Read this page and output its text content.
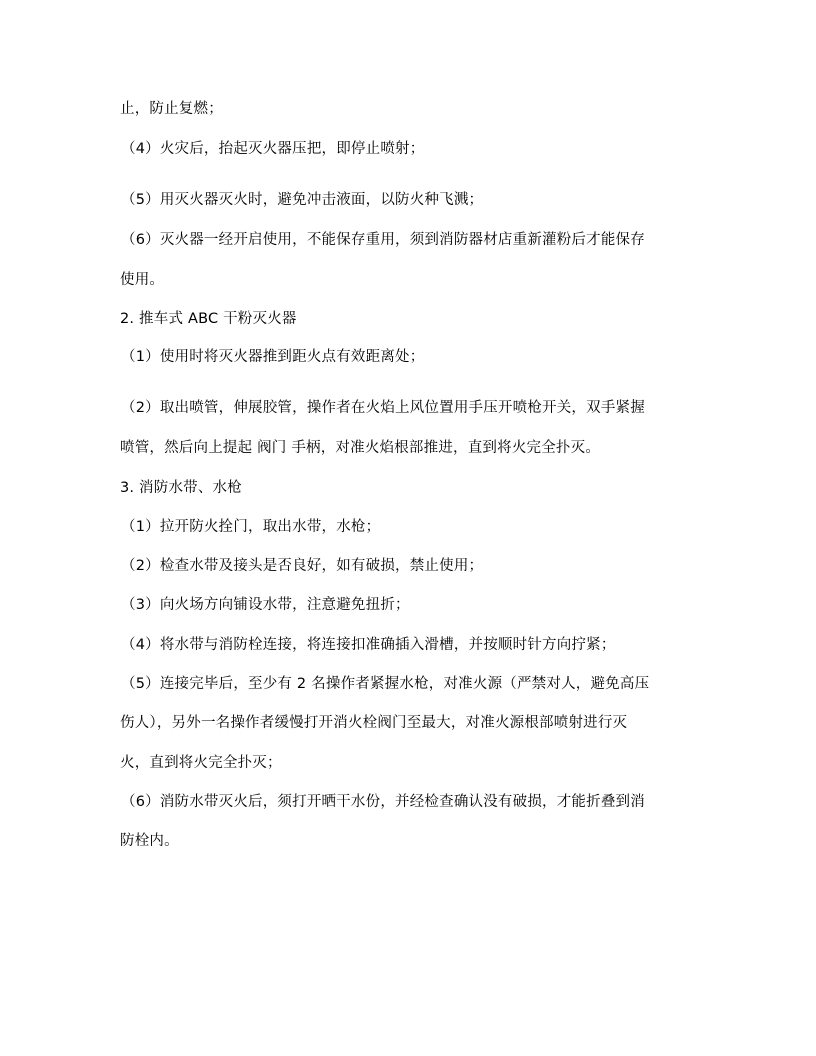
止，防止复燃；
（4）火灾后，抬起灭火器压把，即停止喷射；
（5）用灭火器灭火时，避免冲击液面，以防火种飞溅；
（6）灭火器一经开启使用，不能保存重用，须到消防器材店重新灌粉后才能保存
使用。
2. 推车式 ABC 干粉灭火器
（1）使用时将灭火器推到距火点有效距离处；
（2）取出喷管，伸展胶管，操作者在火焰上风位置用手压开喷枪开关，双手紧握
喷管，然后向上提起 阀门 手柄，对准火焰根部推进，直到将火完全扑灭。
3. 消防水带、水枪
（1）拉开防火拴门，取出水带，水枪；
（2）检查水带及接头是否良好，如有破损，禁止使用；
（3）向火场方向铺设水带，注意避免扭折；
（4）将水带与消防栓连接，将连接扣准确插入滑槽，并按顺时针方向拧紧；
（5）连接完毕后，至少有 2 名操作者紧握水枪，对准火源（严禁对人，避免高压
伤人），另外一名操作者缓慢打开消火栓阀门至最大，对准火源根部喷射进行灭
火，直到将火完全扑灭；
（6）消防水带灭火后，须打开晒干水份，并经检查确认没有破损，才能折叠到消
防栓内。
